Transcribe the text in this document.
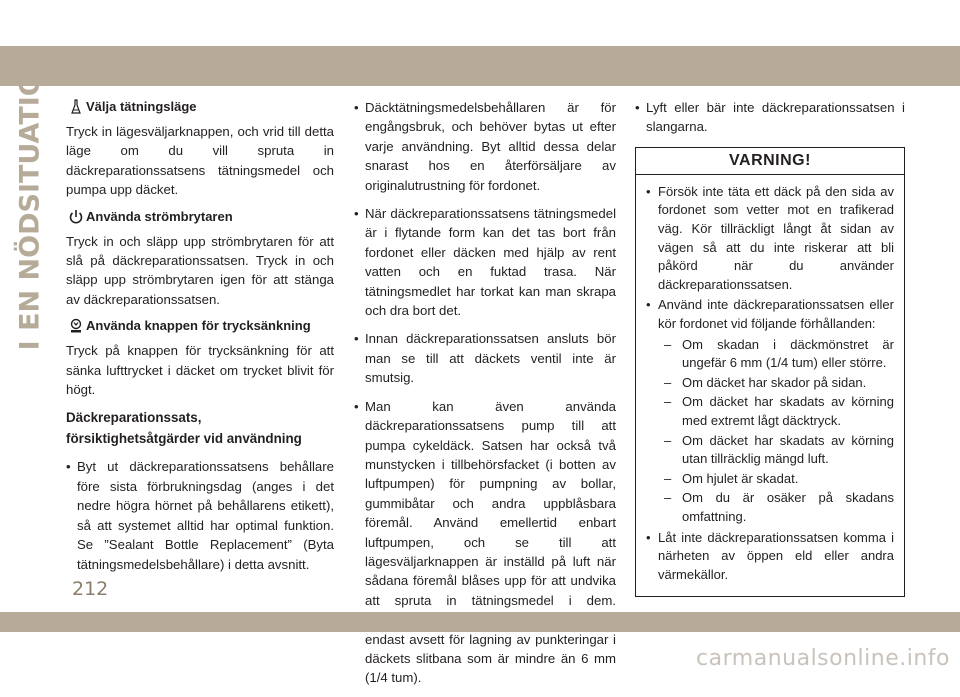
I EN NÖDSITUATION	Välja tätningsläge

Tryck in lägesväljarknappen, och vrid till detta läge om du vill spruta in däckreparationssatsens tätningsmedel och pumpa upp däcket.

Använda strömbrytaren

Tryck in och släpp upp strömbrytaren för att slå på däckreparationssatsen. Tryck in och släpp upp strömbrytaren igen för att stänga av däckreparationssatsen.

Använda knappen för trycksänkning

Tryck på knappen för trycksänkning för att sänka lufttrycket i däcket om trycket blivit för högt.

Däckreparationssats, försiktighetsåtgärder vid användning
• Byt ut däckreparationssatsens behållare före sista förbrukningsdag (anges i det nedre högra hörnet på behållarens etikett), så att systemet alltid har optimal funktion. Se ”Sealant Bottle Replacement” (Byta tätningsmedelsbehållare) i detta avsnitt.
• Däcktätningsmedelsbehållaren är för engångsbruk, och behöver bytas ut efter varje användning. Byt alltid dessa delar snarast hos en återförsäljare av originalutrustning för fordonet.
• När däckreparationssatsens tätningsmedel är i flytande form kan det tas bort från fordonet eller däcken med hjälp av rent vatten och en fuktad trasa. När tätningsmedlet har torkat kan man skrapa och dra bort det.
• Innan däckreparationssatsen ansluts bör man se till att däckets ventil inte är smutsig.
• Man kan även använda däckreparationssatsens pump till att pumpa cykeldäck. Satsen har också två munstycken i tillbehörsfacket (i botten av luftpumpen) för pumpning av bollar, gummibåtar och andra uppblåsbara föremål. Använd emellertid enbart luftpumpen, och se till att lägesväljarknappen är inställd på luft när sådana föremål blåses upp för att undvika att spruta in tätningsmedel i dem. endast avsett för lagning av punkteringar i däckets slitbana som är mindre än 6 mm (1/4 tum).
• Lyft eller bär inte däckreparationssatsen i slangarna.
VARNING!
• Försök inte täta ett däck på den sida av fordonet som vetter mot en trafikerad väg. Kör tillräckligt långt åt sidan av vägen så att du inte riskerar att bli påkörd när du använder däckreparationssatsen.
• Använd inte däckreparationssatsen eller kör fordonet vid följande förhållanden:
– Om skadan i däckmönstret är ungefär 6 mm (1/4 tum) eller större.
– Om däcket har skador på sidan.
– Om däcket har skadats av körning med extremt lågt däcktryck.
– Om däcket har skadats av körning utan tillräcklig mängd luft.
– Om hjulet är skadat.
– Om du är osäker på skadans omfattning.
• Låt inte däckreparationssatsen komma i närheten av öppen eld eller andra värmekällor.
212
carmanualsonline.info
